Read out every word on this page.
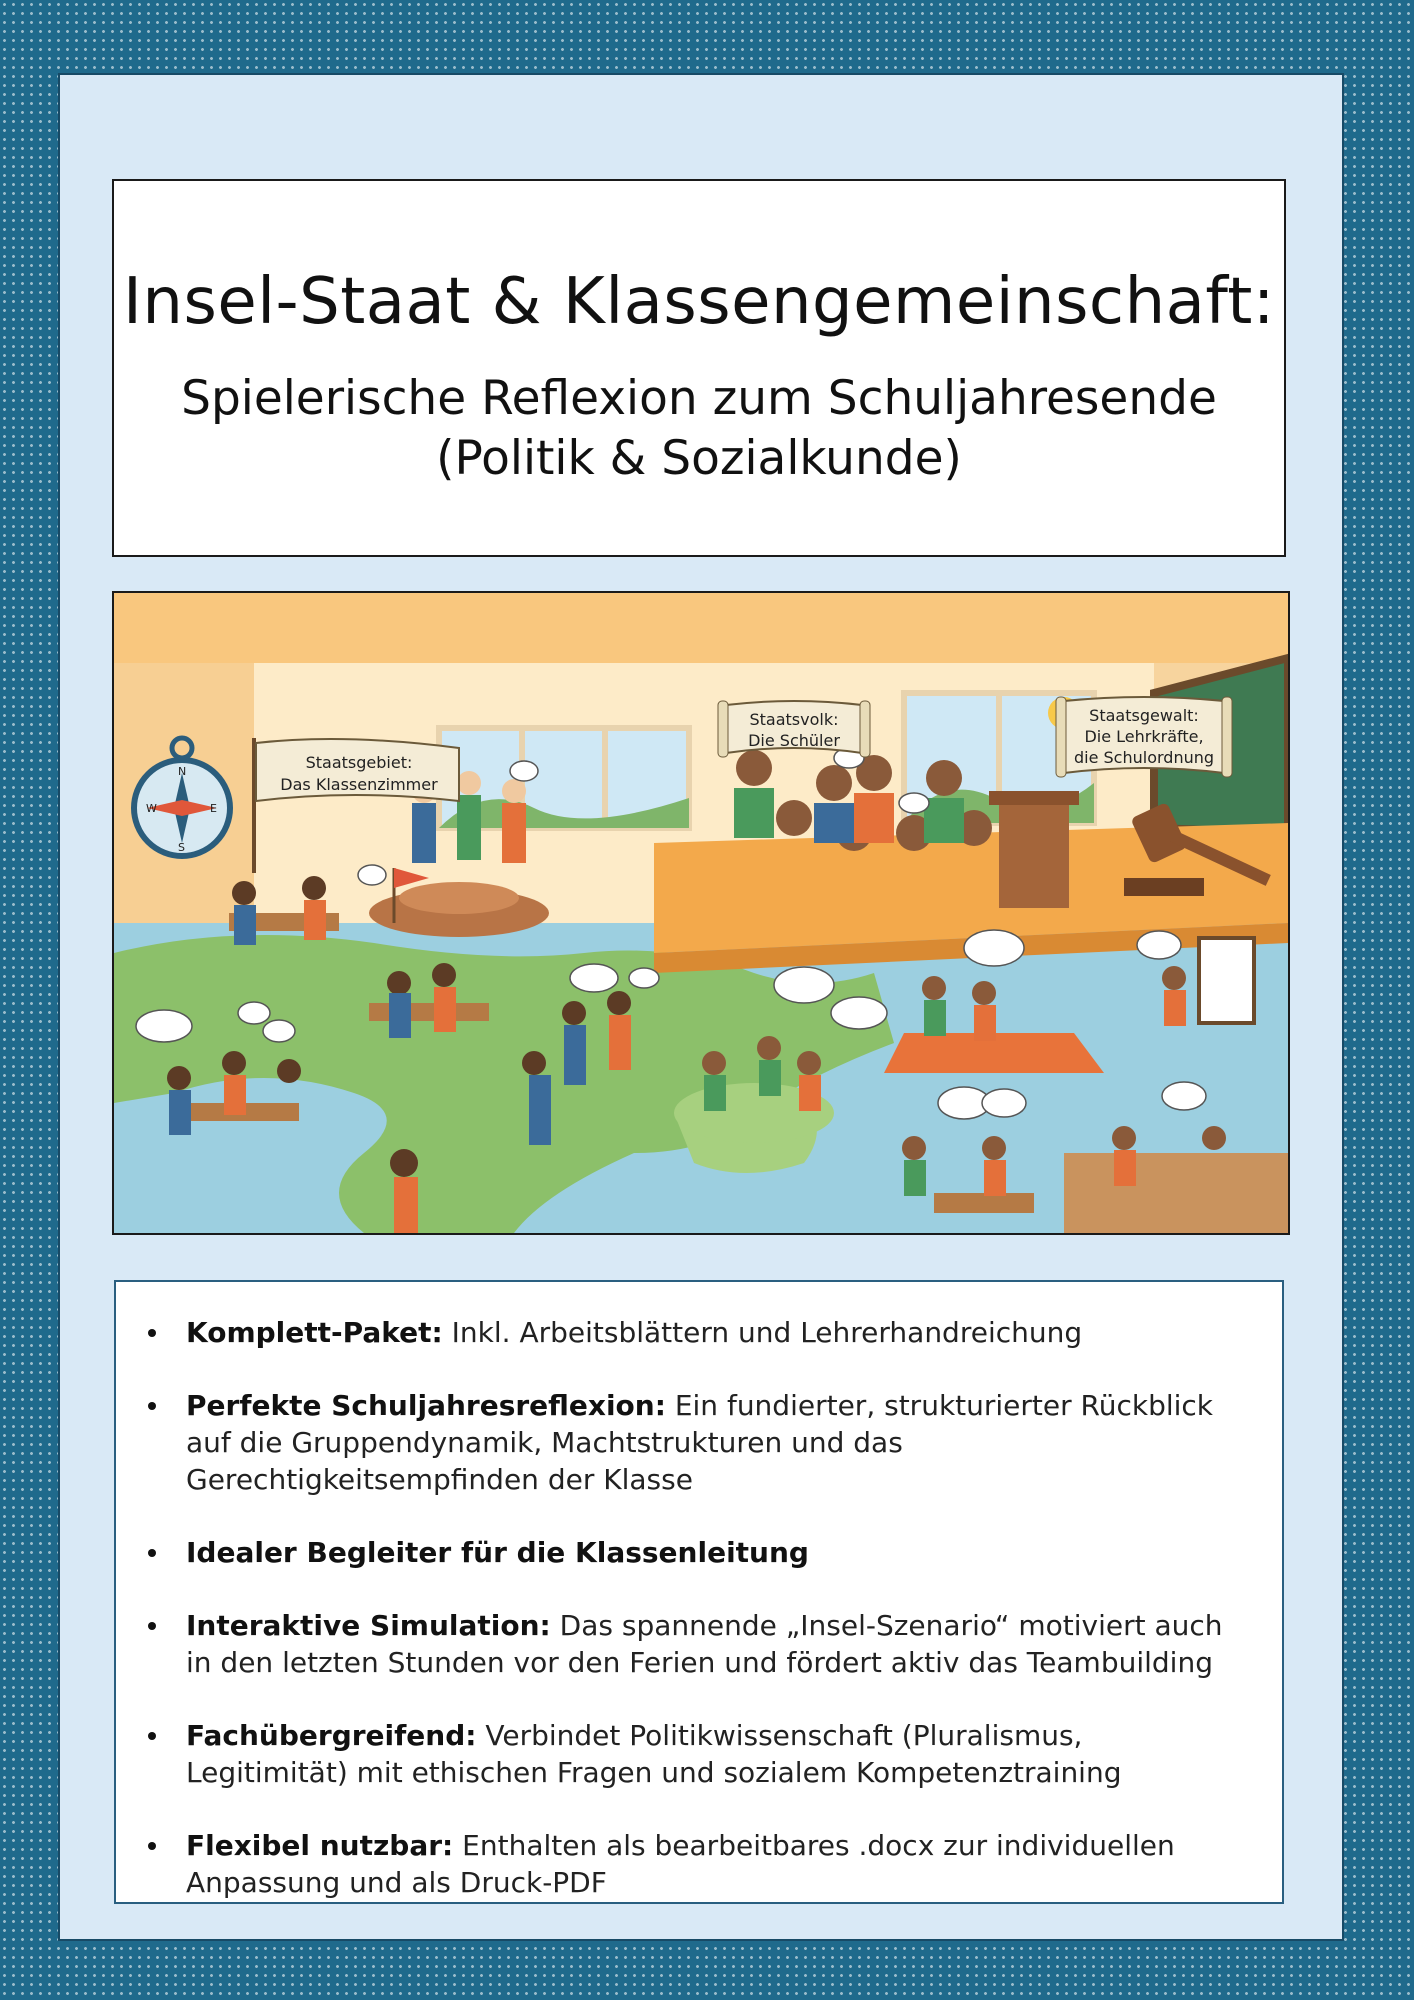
Insel-Staat & Klassengemeinschaft:

Spielerische Reflexion zum Schuljahresende
(Politik & Sozialkunde)

N
E
S
W
Staatsgebiet:
Das Klassenzimmer
Staatsvolk:
Die Schüler
Staatsgewalt:
Die Lehrkräfte,
die Schulordnung
Komplett-Paket: Inkl. Arbeitsblättern und Lehrerhandreichung
Perfekte Schuljahresreflexion: Ein fundierter, strukturierter Rückblick auf die Gruppendynamik, Machtstrukturen und das Gerechtigkeitsempfinden der Klasse
Idealer Begleiter für die Klassenleitung
Interaktive Simulation: Das spannende „Insel-Szenario“ motiviert auch in den letzten Stunden vor den Ferien und fördert aktiv das Teambuilding
Fachübergreifend: Verbindet Politikwissenschaft (Pluralismus, Legitimität) mit ethischen Fragen und sozialem Kompetenztraining
Flexibel nutzbar: Enthalten als bearbeitbares .docx zur individuellen Anpassung und als Druck-PDF
